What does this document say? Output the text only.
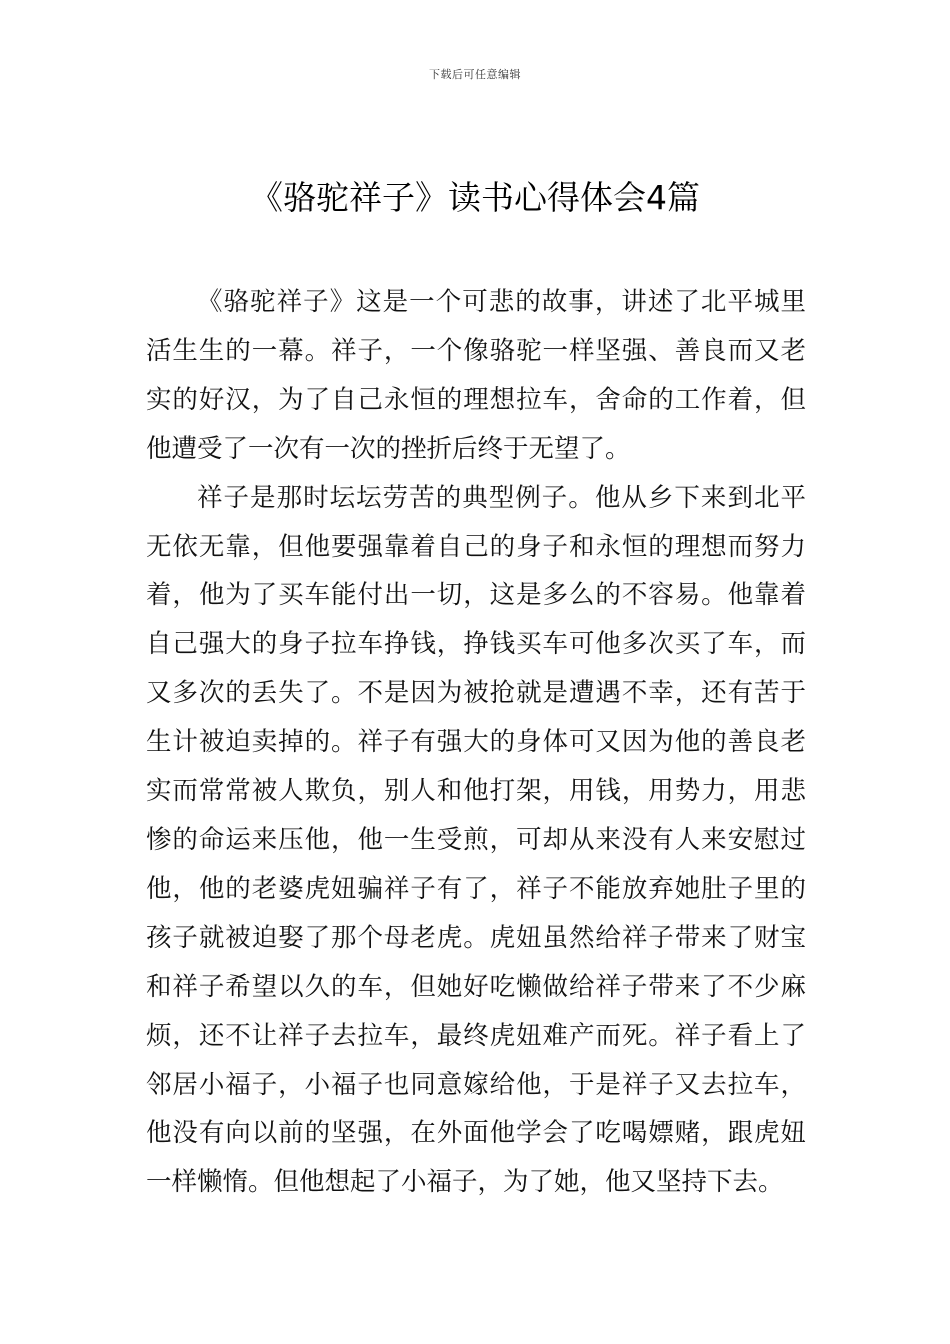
下载后可任意编辑
《骆驼祥子》读书心得体会4篇

《骆驼祥子》这是一个可悲的故事，讲述了北平城里活生生的一幕。祥子，一个像骆驼一样坚强、善良而又老实的好汉，为了自己永恒的理想拉车，舍命的工作着，但他遭受了一次有一次的挫折后终于无望了。

祥子是那时坛坛劳苦的典型例子。他从乡下来到北平无依无靠，但他要强靠着自己的身子和永恒的理想而努力着，他为了买车能付出一切，这是多么的不容易。他靠着自己强大的身子拉车挣钱，挣钱买车可他多次买了车，而又多次的丢失了。不是因为被抢就是遭遇不幸，还有苦于生计被迫卖掉的。祥子有强大的身体可又因为他的善良老实而常常被人欺负，别人和他打架，用钱，用势力，用悲惨的命运来压他，他一生受煎，可却从来没有人来安慰过他，他的老婆虎妞骗祥子有了，祥子不能放弃她肚子里的孩子就被迫娶了那个母老虎。虎妞虽然给祥子带来了财宝和祥子希望以久的车，但她好吃懒做给祥子带来了不少麻烦，还不让祥子去拉车，最终虎妞难产而死。祥子看上了邻居小福子，小福子也同意嫁给他，于是祥子又去拉车，他没有向以前的坚强，在外面他学会了吃喝嫖赌，跟虎妞一样懒惰。但他想起了小福子，为了她，他又坚持下去。
